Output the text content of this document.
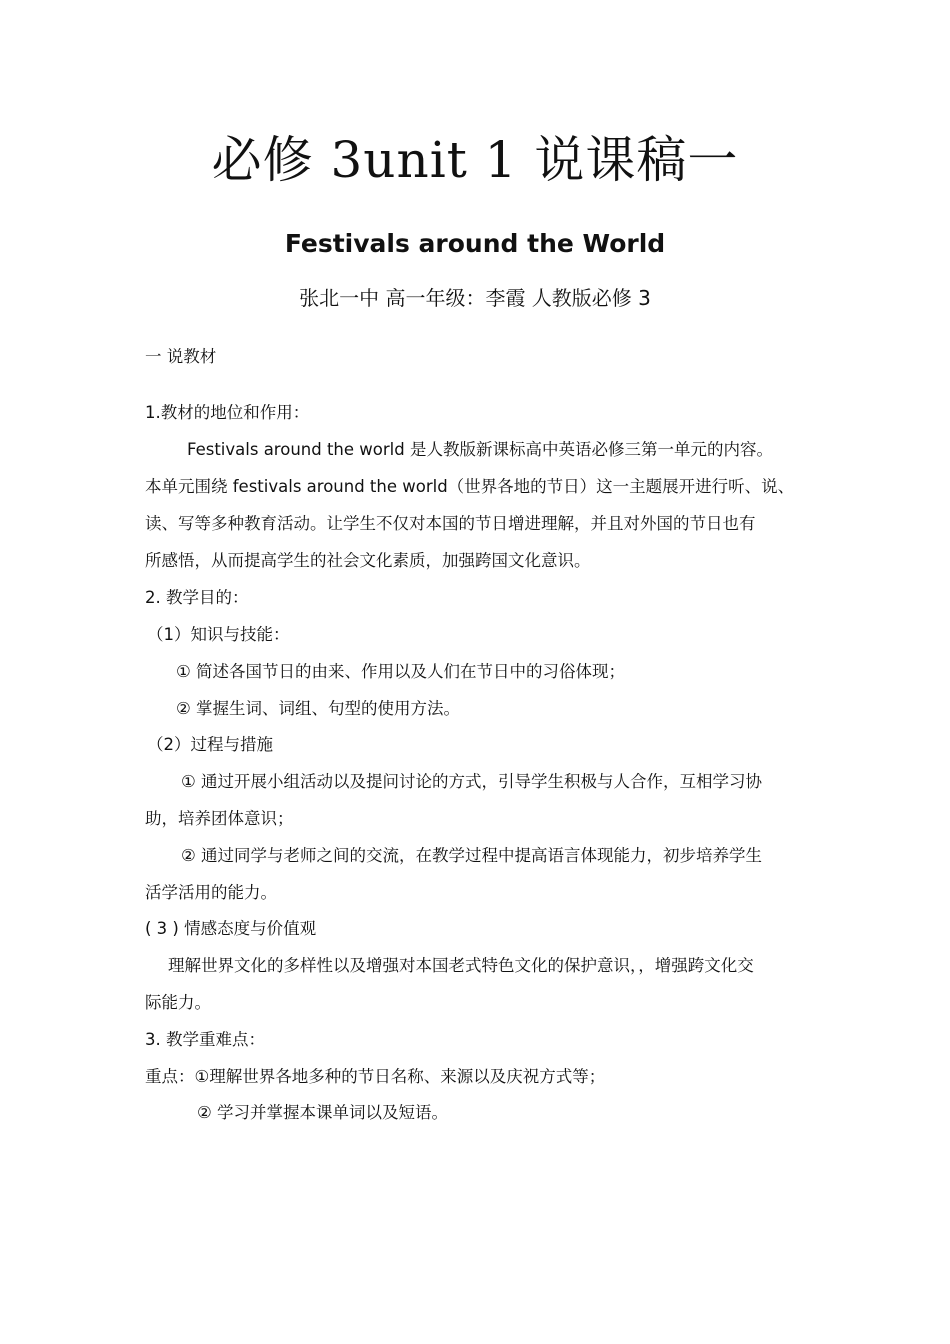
必修 3unit 1 说课稿一
Festivals around the World
张北一中 高一年级：李霞 人教版必修 3
一 说教材
1.教材的地位和作用：
Festivals around the world 是人教版新课标高中英语必修三第一单元的内容。
本单元围绕 festivals around the world（世界各地的节日）这一主题展开进行听、说、
读、写等多种教育活动。让学生不仅对本国的节日增进理解，并且对外国的节日也有
所感悟，从而提高学生的社会文化素质，加强跨国文化意识。
2. 教学目的：
（1）知识与技能：
① 简述各国节日的由来、作用以及人们在节日中的习俗体现；
② 掌握生词、词组、句型的使用方法。
（2）过程与措施
① 通过开展小组活动以及提问讨论的方式，引导学生积极与人合作，互相学习协
助，培养团体意识；
② 通过同学与老师之间的交流，在教学过程中提高语言体现能力，初步培养学生
活学活用的能力。
( 3 ) 情感态度与价值观
理解世界文化的多样性以及增强对本国老式特色文化的保护意识，，增强跨文化交
际能力。
3. 教学重难点：
重点：①理解世界各地多种的节日名称、来源以及庆祝方式等；
② 学习并掌握本课单词以及短语。
